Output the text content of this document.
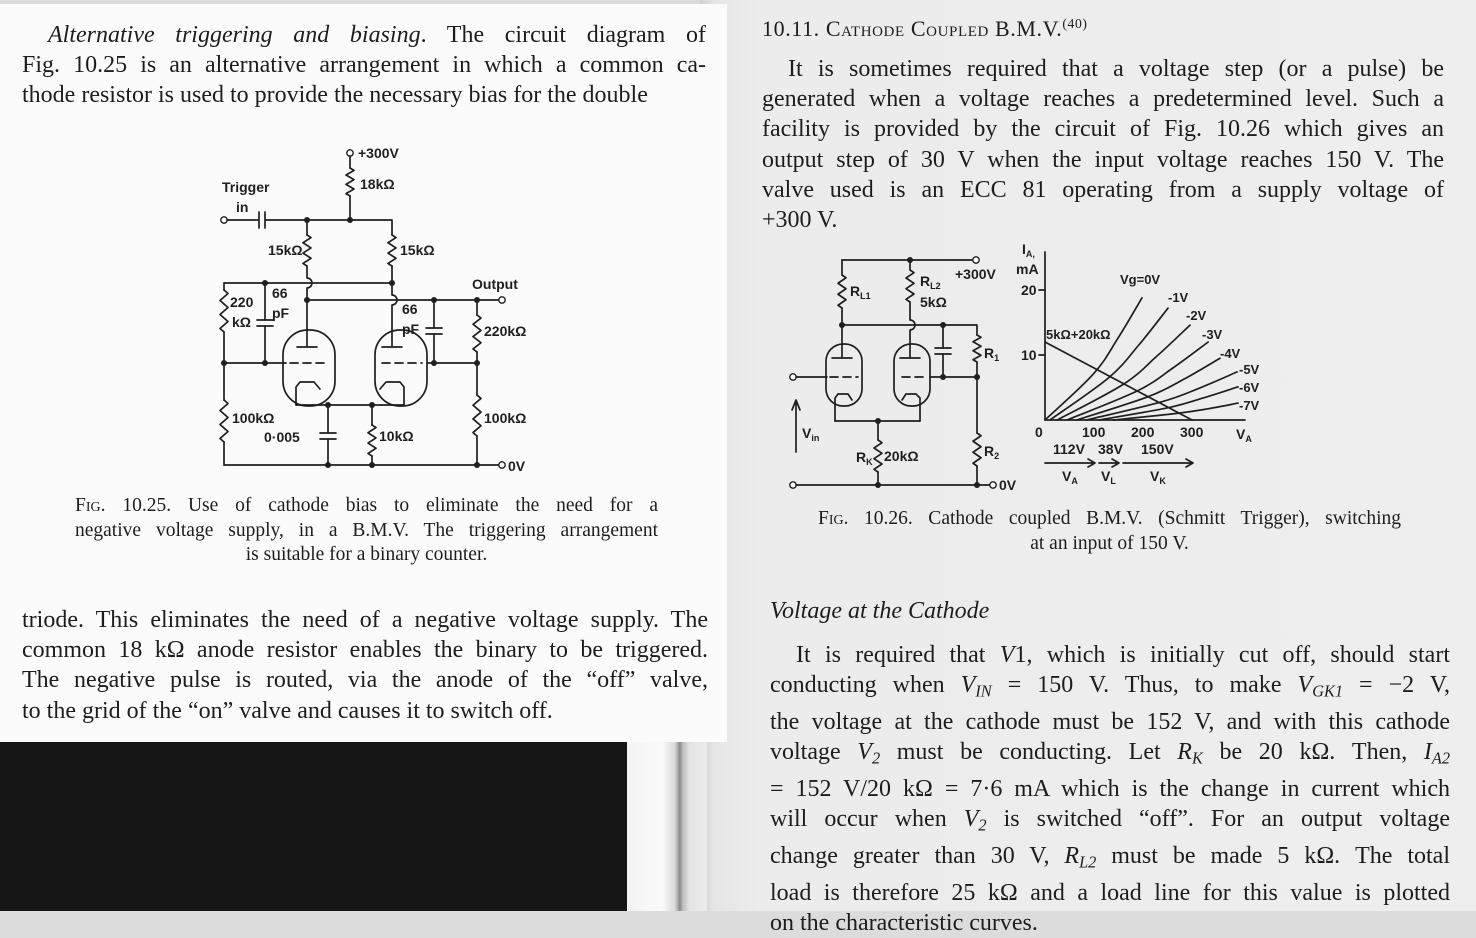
Alternative triggering and biasing. The circuit diagram of
Fig. 10.25 is an alternative arrangement in which a common ca-
thode resistor is used to provide the necessary bias for the double
+300V
18kΩ
Trigger
in
15kΩ	15kΩ
Output
220
kΩ
66
pF	66
pF	220kΩ
100kΩ
0·005	10kΩ
100kΩ
0V
Fig. 10.25. Use of cathode bias to eliminate the need for a
negative voltage supply, in a B.M.V. The triggering arrangement
is suitable for a binary counter.
triode. This eliminates the need of a negative voltage supply. The
common 18 kΩ anode resistor enables the binary to be triggered.
The negative pulse is routed, via the anode of the “off” valve,
to the grid of the “on” valve and causes it to switch off.
10.11. Cathode Coupled B.M.V.$^{(40)}$
It is sometimes required that a voltage step (or a pulse) be
generated when a voltage reaches a predetermined level. Such a
facility is provided by the circuit of Fig. 10.26 which gives an
output step of 30 V when the input voltage reaches 150 V. The
valve used is an ECC 81 operating from a supply voltage of
+300 V.
10
20
0	100 200 300
Vg=0V
-1V
-2V
-3V
-4V
-5V
-6V
-7V
112V
$V_A$
38V
$V_L$
150V
$V_K$
$R_{L1}$
$R_{L2}$
5kΩ
+300V
$R_1$
$R_2$
$R_K$ 20kΩ
$V_{in}$
0V
$I_{A,}$
mA
$V_A$
5kΩ+20kΩ
Fig. 10.26. Cathode coupled B.M.V. (Schmitt Trigger), switching
at an input of 150 V.
Voltage at the Cathode
It is required that V1, which is initially cut off, should start
conducting when $V_{IN} = 150$ V. Thus, to make $V_{GK1} = -2$ V,
the voltage at the cathode must be 152 V, and with this cathode
voltage $V_2$ must be conducting. Let $R_K$ be 20 kΩ. Then, $I_{A2}$
= 152 V/20 kΩ = 7·6 mA which is the change in current which
will occur when $V_2$ is switched “off”. For an output voltage
change greater than 30 V, $R_{L2}$ must be made 5 kΩ. The total
load is therefore 25 kΩ and a load line for this value is plotted
on the characteristic curves.
